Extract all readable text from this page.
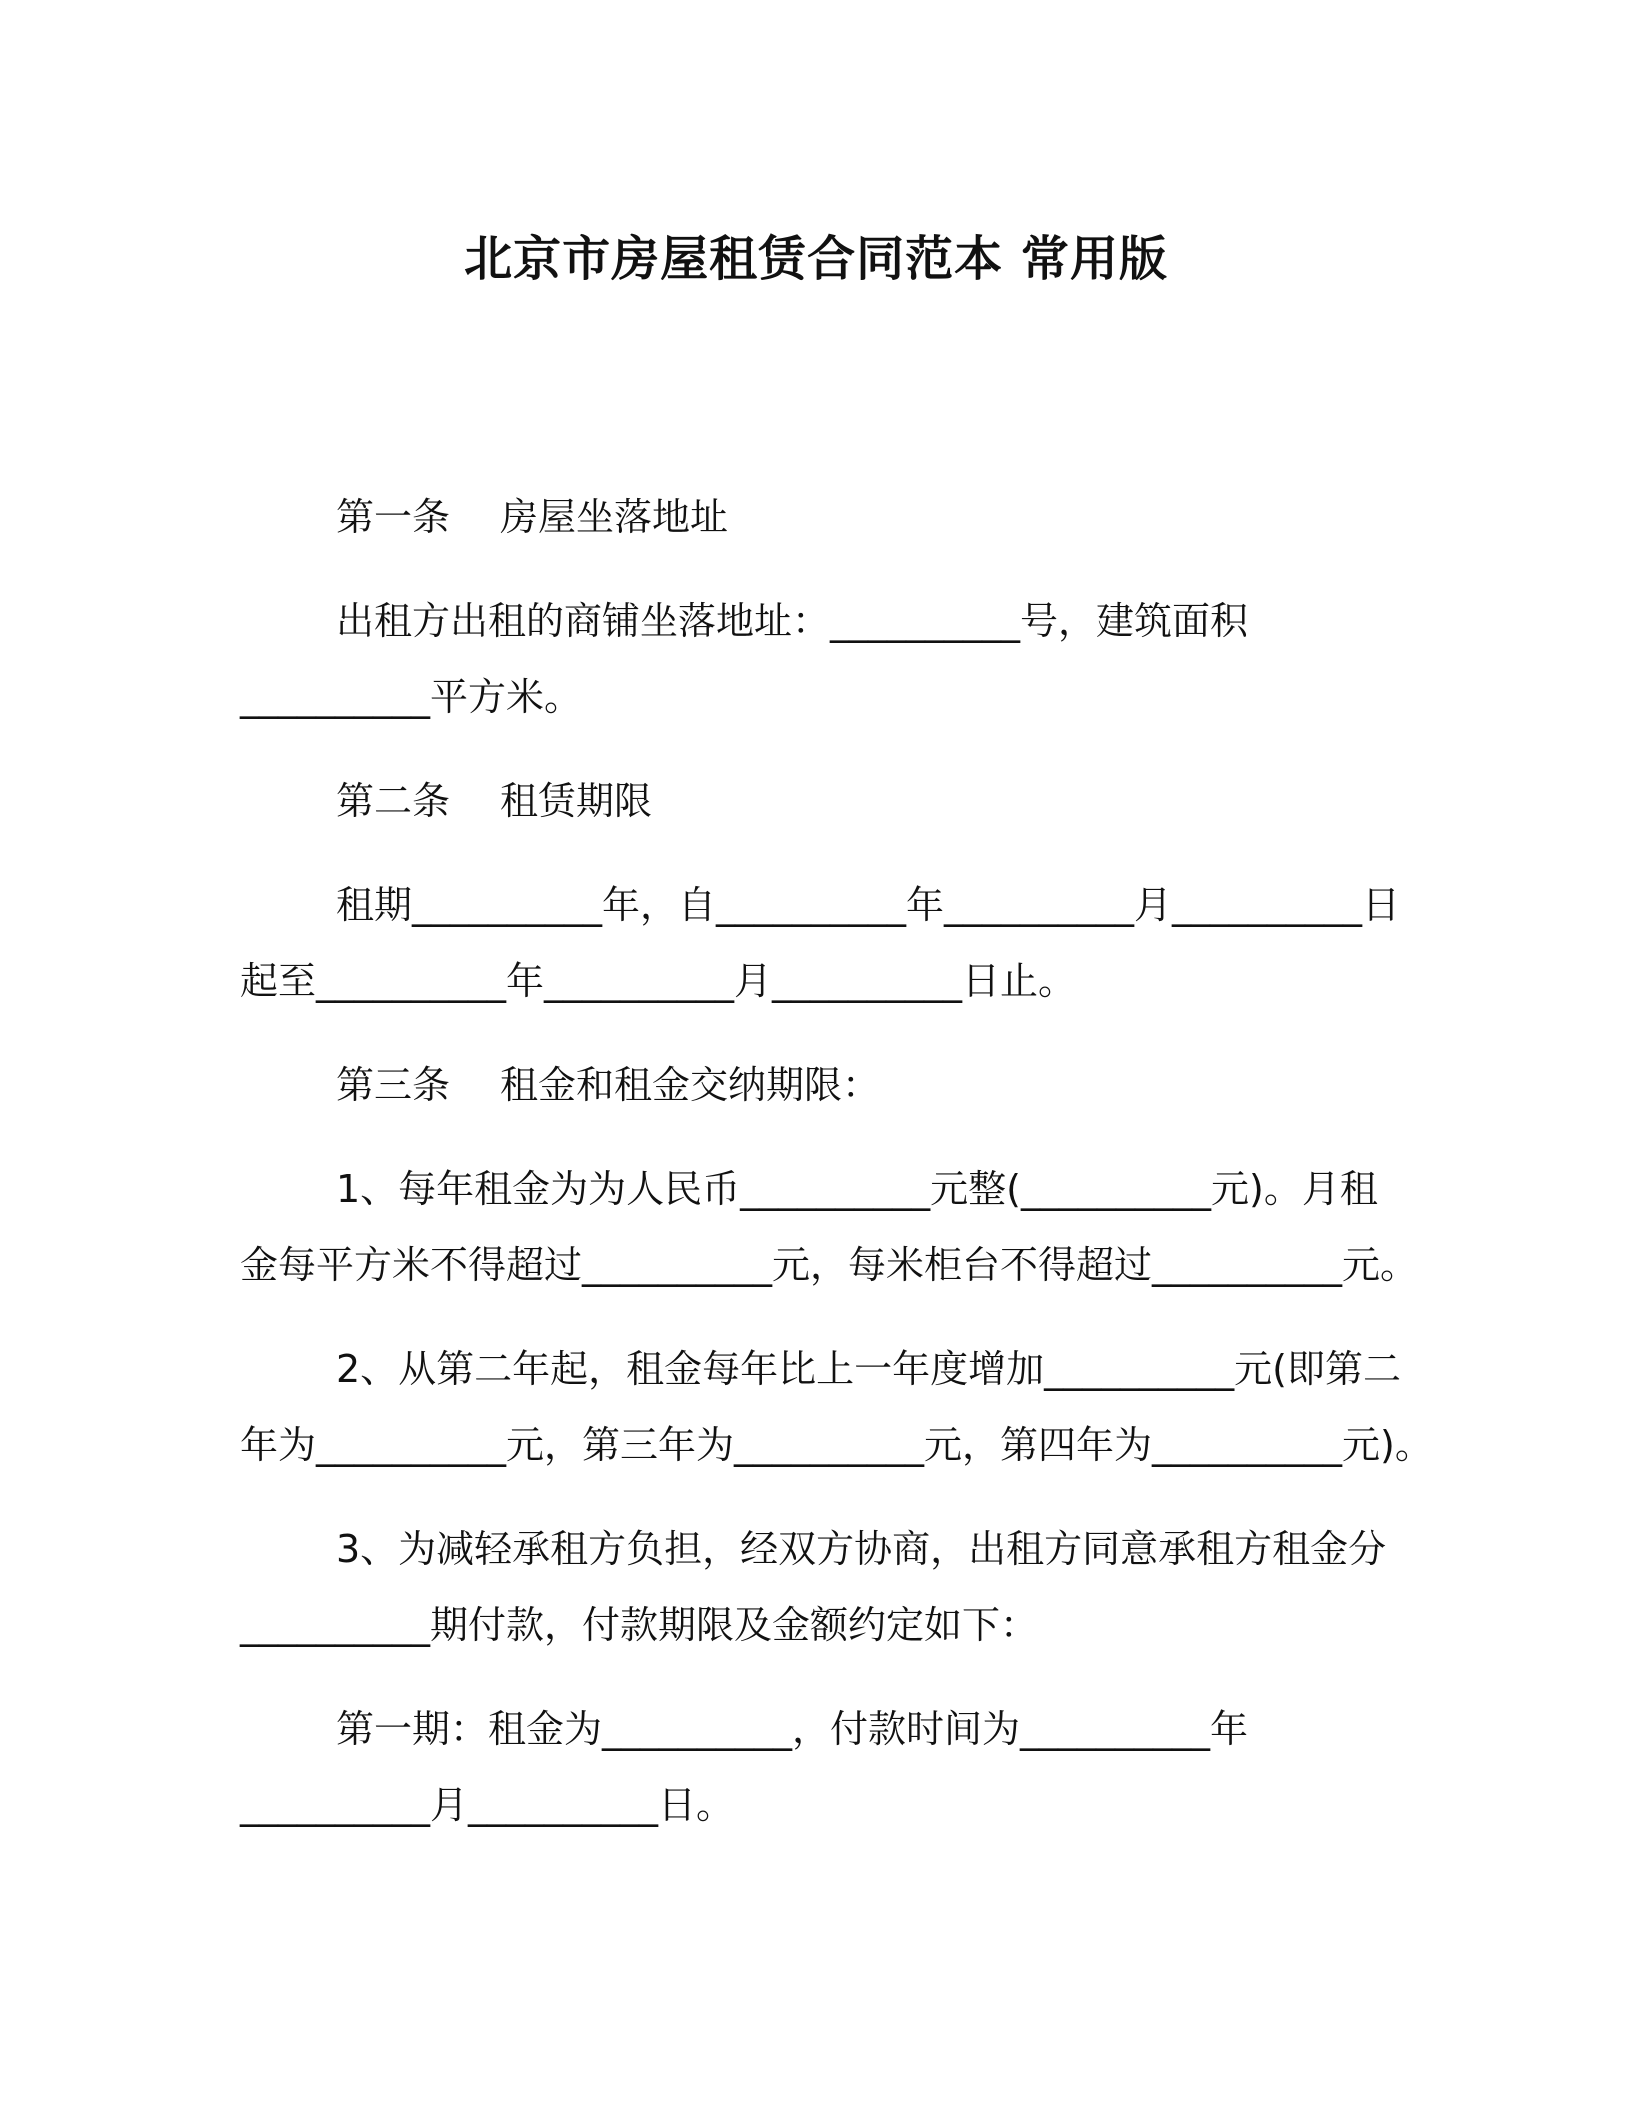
北京市房屋租赁合同范本 常用版
第一条 房屋坐落地址
出租方出租的商铺坐落地址：__________号，建筑面积
__________平方米。
第二条 租赁期限
租期__________年，自__________年__________月__________日
起至__________年__________月__________日止。
第三条 租金和租金交纳期限：
1、每年租金为为人民币__________元整(__________元)。月租
金每平方米不得超过__________元，每米柜台不得超过__________元。
2、从第二年起，租金每年比上一年度增加__________元(即第二
年为__________元，第三年为__________元，第四年为__________元)。
3、为减轻承租方负担，经双方协商，出租方同意承租方租金分
__________期付款，付款期限及金额约定如下：
第一期：租金为__________，付款时间为__________年
__________月__________日。
